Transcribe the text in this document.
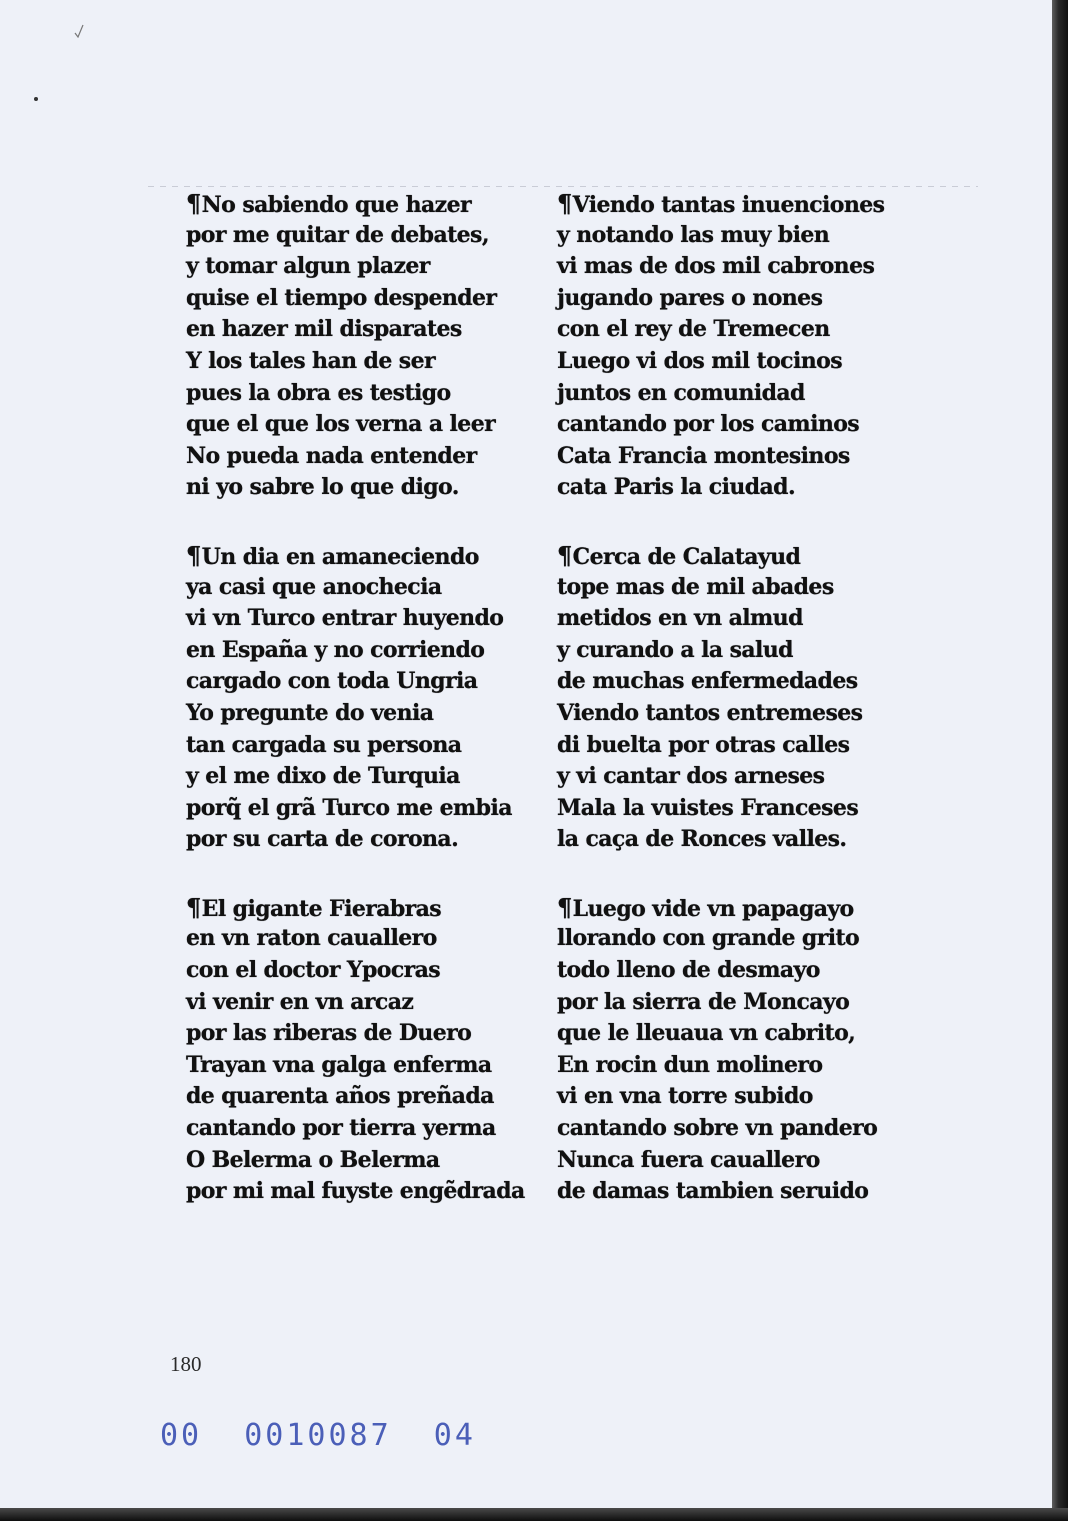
¶No sabiendo que hazer
por me quitar de debates,
y tomar algun plazer
quise el tiempo despender
en hazer mil disparates
Y los tales han de ser
pues la obra es testigo
que el que los verna a leer
No pueda nada entender
ni yo sabre lo que digo.
¶Un dia en amaneciendo
ya casi que anochecia
vi vn Turco entrar huyendo
en España y no corriendo
cargado con toda Ungria
Yo pregunte do venia
tan cargada su persona
y el me dixo de Turquia
porq̃ el grã Turco me embia
por su carta de corona.
¶El gigante Fierabras
en vn raton cauallero
con el doctor Ypocras
vi venir en vn arcaz
por las riberas de Duero
Trayan vna galga enferma
de quarenta años preñada
cantando por tierra yerma
O Belerma o Belerma
por mi mal fuyste engẽdrada
¶Viendo tantas inuenciones
y notando las muy bien
vi mas de dos mil cabrones
jugando pares o nones
con el rey de Tremecen
Luego vi dos mil tocinos
juntos en comunidad
cantando por los caminos
Cata Francia montesinos
cata Paris la ciudad.
¶Cerca de Calatayud
tope mas de mil abades
metidos en vn almud
y curando a la salud
de muchas enfermedades
Viendo tantos entremeses
di buelta por otras calles
y vi cantar dos arneses
Mala la vuistes Franceses
la caça de Ronces valles.
¶Luego vide vn papagayo
llorando con grande grito
todo lleno de desmayo
por la sierra de Moncayo
que le lleuaua vn cabrito,
En rocin dun molinero
vi en vna torre subido
cantando sobre vn pandero
Nunca fuera cauallero
de damas tambien seruido
180
00  0010087  04
